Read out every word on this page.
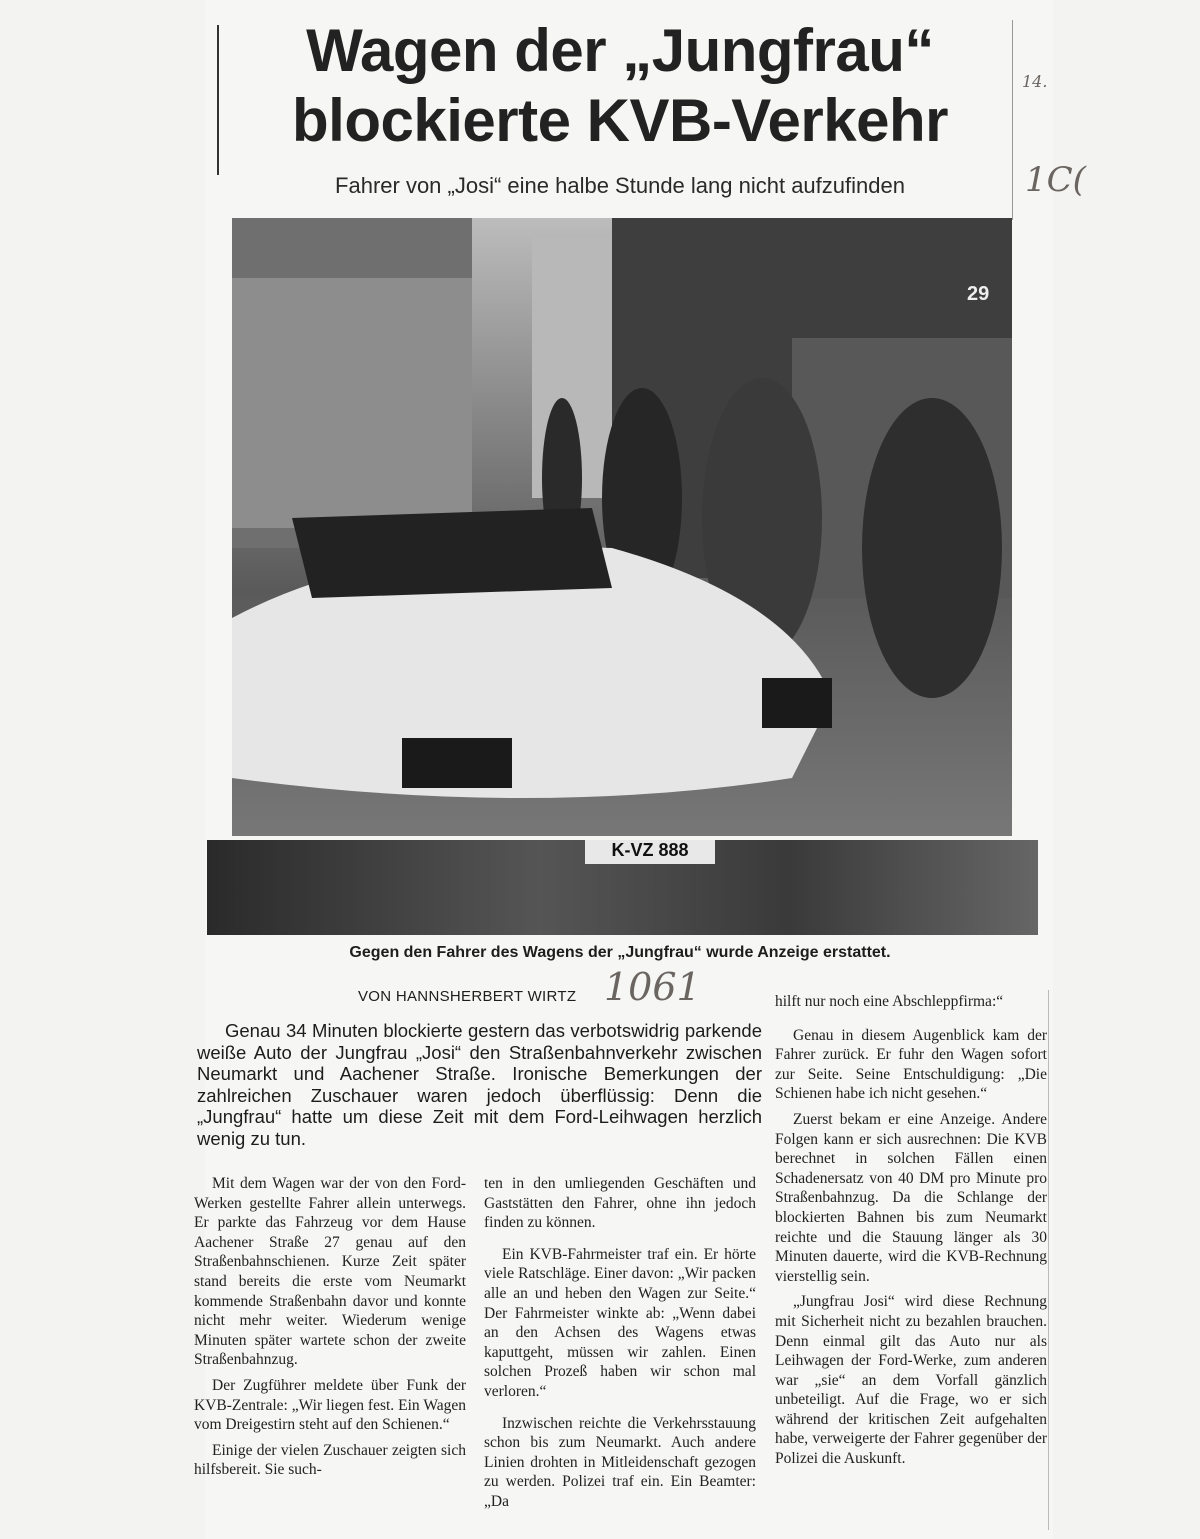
Wagen der „Jungfrau“
blockierte KVB-Verkehr
Fahrer von „Josi“ eine halbe Stunde lang nicht aufzufinden
14.
1C(
29
K-VZ 888
Gegen den Fahrer des Wagens der „Jungfrau“ wurde Anzeige erstattet.
VON HANNSHERBERT WIRTZ 1061

Genau 34 Minuten blockierte gestern das verbotswidrig parkende weiße Auto der Jungfrau „Josi“ den Straßenbahnverkehr zwischen Neumarkt und Aachener Straße. Ironische Bemerkungen der zahlreichen Zuschauer waren jedoch überflüssig: Denn die „Jungfrau“ hatte um diese Zeit mit dem Ford-Leihwagen herzlich wenig zu tun.

Mit dem Wagen war der von den Ford-Werken gestellte Fahrer allein unterwegs. Er parkte das Fahrzeug vor dem Hause Aachener Straße 27 genau auf den Straßenbahnschienen. Kurze Zeit später stand bereits die erste vom Neumarkt kommende Straßenbahn davor und konnte nicht mehr weiter. Wiederum wenige Minuten später wartete schon der zweite Straßenbahnzug.

Der Zugführer meldete über Funk der KVB-Zentrale: „Wir liegen fest. Ein Wagen vom Dreigestirn steht auf den Schienen.“

Einige der vielen Zuschauer zeigten sich hilfsbereit. Sie such-

ten in den umliegenden Geschäften und Gaststätten den Fahrer, ohne ihn jedoch finden zu können.

Ein KVB-Fahrmeister traf ein. Er hörte viele Ratschläge. Einer davon: „Wir packen alle an und heben den Wagen zur Seite.“ Der Fahrmeister winkte ab: „Wenn dabei an den Achsen des Wagens etwas kaputtgeht, müssen wir zahlen. Einen solchen Prozeß haben wir schon mal verloren.“

Inzwischen reichte die Verkehrsstauung schon bis zum Neumarkt. Auch andere Linien drohten in Mitleidenschaft gezogen zu werden. Polizei traf ein. Ein Beamter: „Da

hilft nur noch eine Abschleppfirma:“

Genau in diesem Augenblick kam der Fahrer zurück. Er fuhr den Wagen sofort zur Seite. Seine Entschuldigung: „Die Schienen habe ich nicht gesehen.“

Zuerst bekam er eine Anzeige. Andere Folgen kann er sich ausrechnen: Die KVB berechnet in solchen Fällen einen Schadenersatz von 40 DM pro Minute pro Straßenbahnzug. Da die Schlange der blockierten Bahnen bis zum Neumarkt reichte und die Stauung länger als 30 Minuten dauerte, wird die KVB-Rechnung vierstellig sein.

„Jungfrau Josi“ wird diese Rechnung mit Sicherheit nicht zu bezahlen brauchen. Denn einmal gilt das Auto nur als Leihwagen der Ford-Werke, zum anderen war „sie“ an dem Vorfall gänzlich unbeteiligt. Auf die Frage, wo er sich während der kritischen Zeit aufgehalten habe, verweigerte der Fahrer gegenüber der Polizei die Auskunft.
